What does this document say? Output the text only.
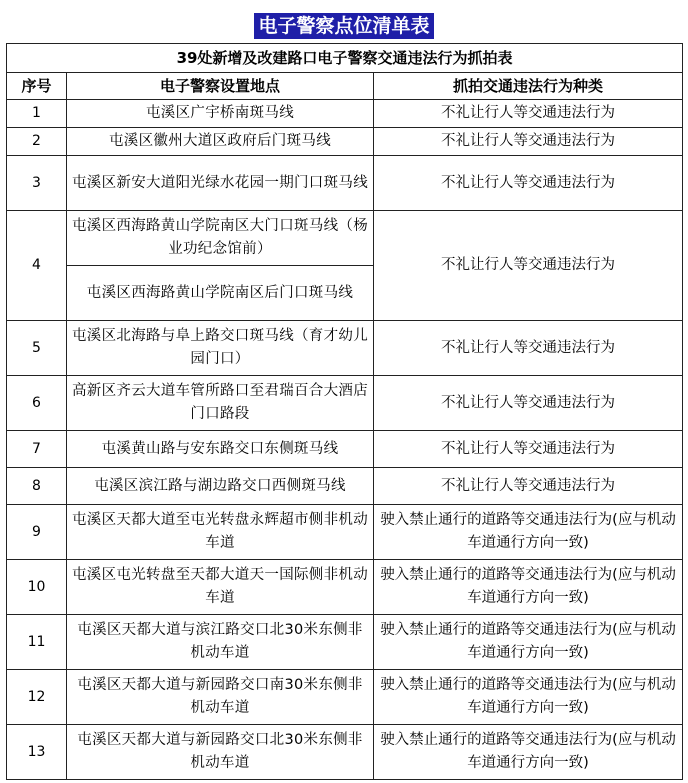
电子警察点位清单表
39处新增及改建路口电子警察交通违法行为抓拍表		
序号	电子警察设置地点	抓拍交通违法行为种类
1	屯溪区广宇桥南斑马线	不礼让行人等交通违法行为
2	屯溪区徽州大道区政府后门斑马线	不礼让行人等交通违法行为
3	屯溪区新安大道阳光绿水花园一期门口斑马线	不礼让行人等交通违法行为
4	屯溪区西海路黄山学院南区大门口斑马线（杨业功纪念馆前）	不礼让行人等交通违法行为
	屯溪区西海路黄山学院南区后门口斑马线	
5	屯溪区北海路与阜上路交口斑马线（育才幼儿园门口）	不礼让行人等交通违法行为
6	高新区齐云大道车管所路口至君瑞百合大酒店门口路段	不礼让行人等交通违法行为
7	屯溪黄山路与安东路交口东侧斑马线	不礼让行人等交通违法行为
8	屯溪区滨江路与湖边路交口西侧斑马线	不礼让行人等交通违法行为
9	屯溪区天都大道至屯光转盘永辉超市侧非机动车道	驶入禁止通行的道路等交通违法行为(应与机动车道通行方向一致)
10	屯溪区屯光转盘至天都大道天一国际侧非机动车道	驶入禁止通行的道路等交通违法行为(应与机动车道通行方向一致)
11	屯溪区天都大道与滨江路交口北30米东侧非机动车道	驶入禁止通行的道路等交通违法行为(应与机动车道通行方向一致)
12	屯溪区天都大道与新园路交口南30米东侧非机动车道	驶入禁止通行的道路等交通违法行为(应与机动车道通行方向一致)
13	屯溪区天都大道与新园路交口北30米东侧非机动车道	驶入禁止通行的道路等交通违法行为(应与机动车道通行方向一致)
